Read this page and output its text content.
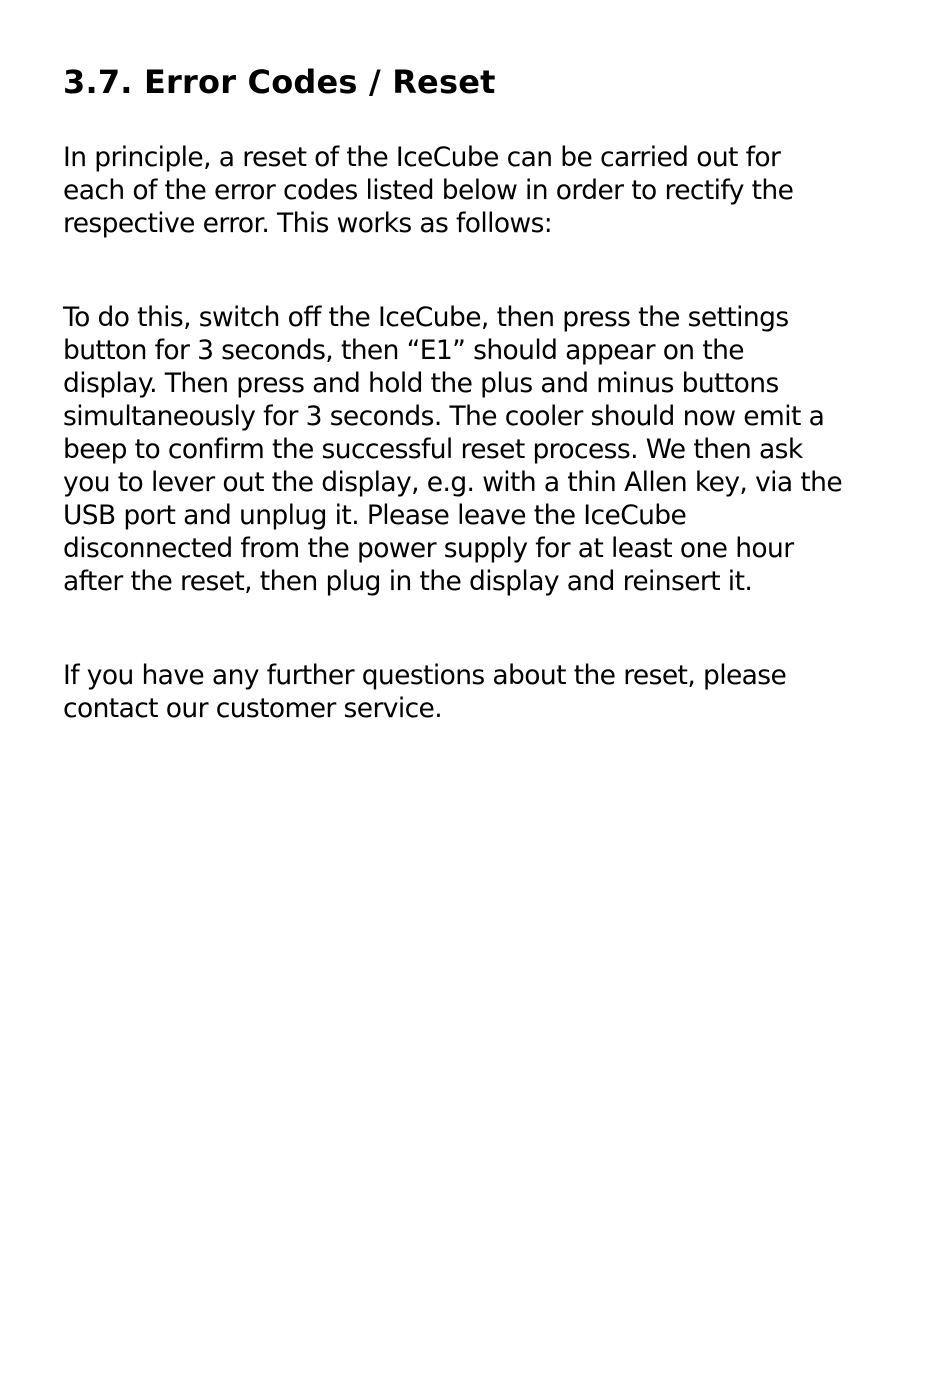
3.7. Error Codes / Reset

In principle, a reset of the IceCube can be carried out for
each of the error codes listed below in order to rectify the
respective error. This works as follows:

To do this, switch off the IceCube, then press the settings
button for 3 seconds, then “E1” should appear on the
display. Then press and hold the plus and minus buttons
simultaneously for 3 seconds. The cooler should now emit a
beep to confirm the successful reset process. We then ask
you to lever out the display, e.g. with a thin Allen key, via the
USB port and unplug it. Please leave the IceCube
disconnected from the power supply for at least one hour
after the reset, then plug in the display and reinsert it.

If you have any further questions about the reset, please
contact our customer service.
